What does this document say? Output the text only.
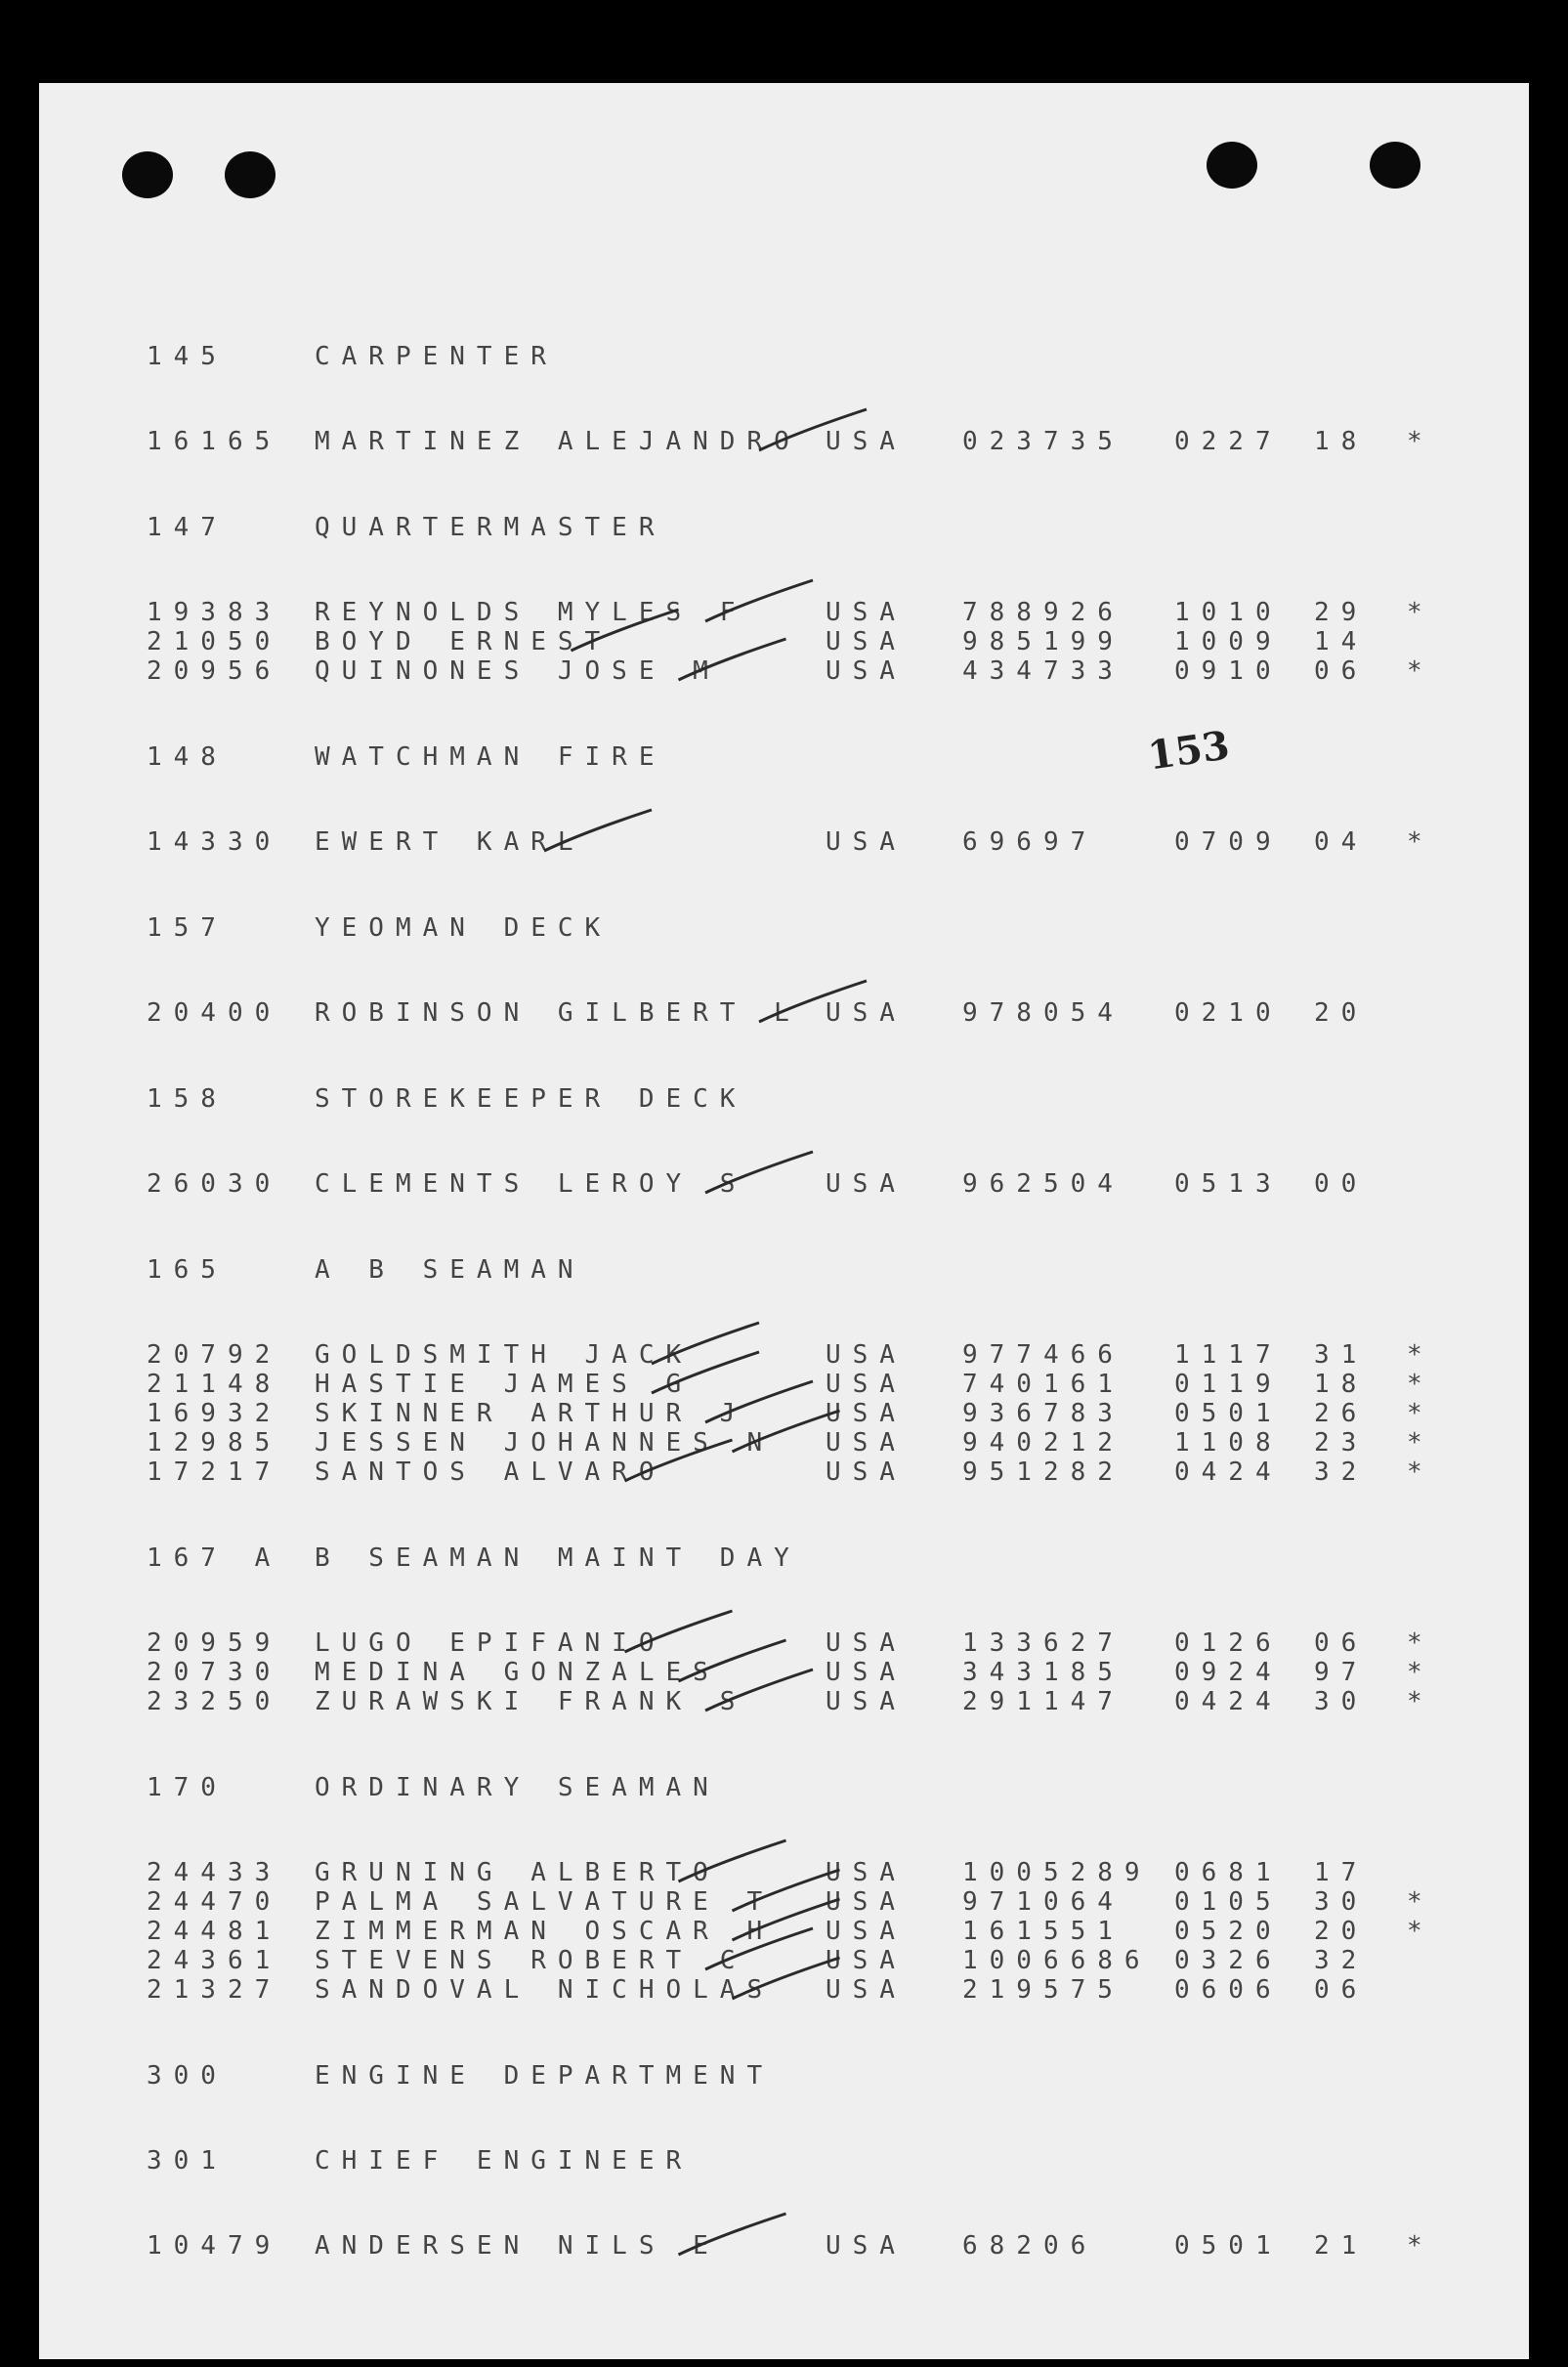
153
145	CARPENTER
16165 MARTINEZ ALEJANDRO USA 023735 0227 18 *
147	QUARTERMASTER
19383 REYNOLDS MYLES F	USA 788926 1010 29 *
21050 BOYD ERNEST	USA 985199 1009 14
20956 QUINONES JOSE M	USA 434733 0910 06 *
148	WATCHMAN FIRE
14330 EWERT KARL	USA 69697	0709 04 *
157	YEOMAN DECK
20400 ROBINSON GILBERT L USA 978054 0210 20
158	STOREKEEPER DECK
26030 CLEMENTS LEROY S	USA 962504 0513 00
165	A B SEAMAN
20792 GOLDSMITH JACK	USA 977466 1117 31 *
21148 HASTIE JAMES G	USA 740161 0119 18 *
16932 SKINNER ARTHUR J	USA 936783 0501 26 *
12985 JESSEN JOHANNES N USA 940212 1108 23 *
17217 SANTOS ALVARO	USA 951282 0424 32 *
167 A B SEAMAN MAINT DAY
20959 LUGO EPIFANIO	USA 133627 0126 06 *
20730 MEDINA GONZALES	USA 343185 0924 97 *
23250 ZURAWSKI FRANK S	USA 291147 0424 30 *
170	ORDINARY SEAMAN
24433 GRUNING ALBERTO	USA 1005289 0681 17
24470 PALMA SALVATURE T USA 971064 0105 30 *
24481 ZIMMERMAN OSCAR H USA 161551 0520 20 *
24361 STEVENS ROBERT C	USA 1006686 0326 32
21327 SANDOVAL NICHOLAS USA 219575 0606 06
300	ENGINE DEPARTMENT
301	CHIEF ENGINEER
10479 ANDERSEN NILS E	USA 68206	0501 21 *
